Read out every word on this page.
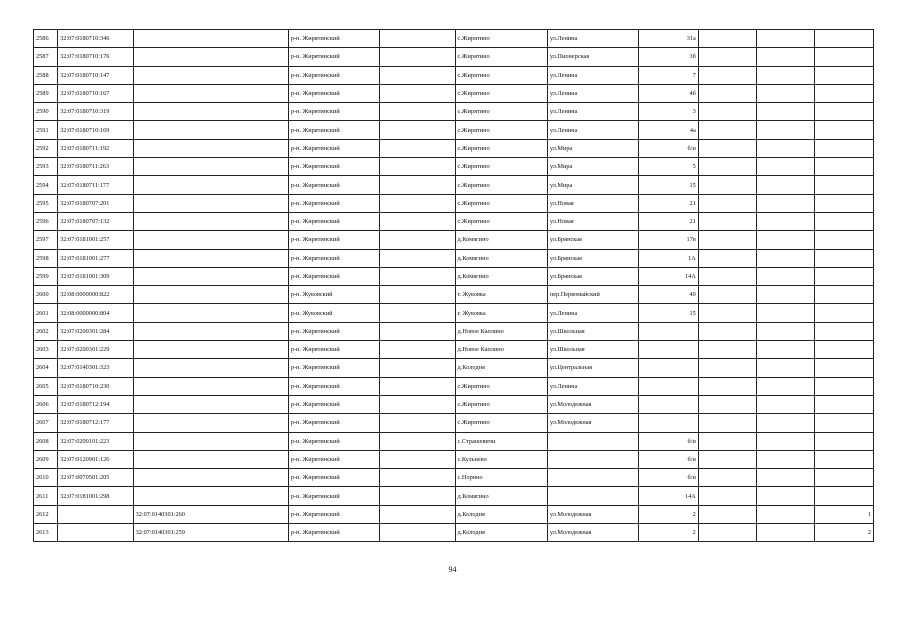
2586	32:07:0180710:346		р-н. Жирятинский		с.Жирятино	ул.Ленина	31а			
2587	32:07:0180710:176		р-н. Жирятинский		с.Жирятино	ул.Пионерская	3б			
2588	32:07:0180710:147		р-н. Жирятинский		с.Жирятино	ул.Ленина	7			
2589	32:07:0180710:167		р-н. Жирятинский		с.Жирятино	ул.Ленина	4б			
2590	32:07:0180710:319		р-н. Жирятинский		с.Жирятино	ул.Ленина	3			
2591	32:07:0180710:169		р-н. Жирятинский		с.Жирятино	ул.Ленина	4а			
2592	32:07:0180711:192		р-н. Жирятинский		с.Жирятино	ул.Мира	б/н			
2593	32:07:0180711:263		р-н. Жирятинский		с.Жирятино	ул.Мира	5			
2594	32:07:0180711:177		р-н. Жирятинский		с.Жирятино	ул.Мира	15			
2595	32:07:0180707:201		р-н. Жирятинский		с.Жирятино	ул.Новая	21			
2596	32:07:0180707:132		р-н. Жирятинский		с.Жирятино	ул.Новая	21			
2597	32:07:0181001:257		р-н. Жирятинский		д.Комягино	ул.Брянская	17в			
2598	32:07:0181001:277		р-н. Жирятинский		д.Комягино	ул.Брянская	1А			
2599	32:07:0181001:309		р-н. Жирятинский		д.Комягино	ул.Брянская	14А			
2600	32:08:0000000:822		р-н. Жуковский		г. Жуковка	пер.Первомайский	40			
2601	32:08:0000000:804		р-н. Жуковский		г. Жуковка	ул.Ленина	15			
2602	32:07:0200301:284		р-н. Жирятинский		д.Новое Каплино	ул.Школьная				
2603	32:07:0200301:229		р-н. Жирятинский		д.Новое Каплино	ул.Школьная				
2604	32:07:0140301:323		р-н. Жирятинский		д.Колодня	ул.Центральная				
2605	32:07:0180710:230		р-н. Жирятинский		с.Жирятино	ул.Ленина				
2606	32:07:0180712:194		р-н. Жирятинский		с.Жирятино	ул.Молодежная				
2607	32:07:0180712:177		р-н. Жирятинский		с.Жирятино	ул.Молодежная				
2608	32:07:0200101:223		р-н. Жирятинский		с.Страшевичи		б/н			
2609	32:07:0120901:126		р-н. Жирятинский		с.Кульнево		б/н			
2610	32:07:0070501:205		р-н. Жирятинский		с.Норино		б/н			
2611	32:07:0181001:298		р-н. Жирятинский		д.Комягино		14А			
2612		32:07:0140301:260	р-н. Жирятинский		д.Колодня	ул.Молодежная	2			1
2613		32:07:0140301:259	р-н. Жирятинский		д.Колодня	ул.Молодежная	2			2
94
